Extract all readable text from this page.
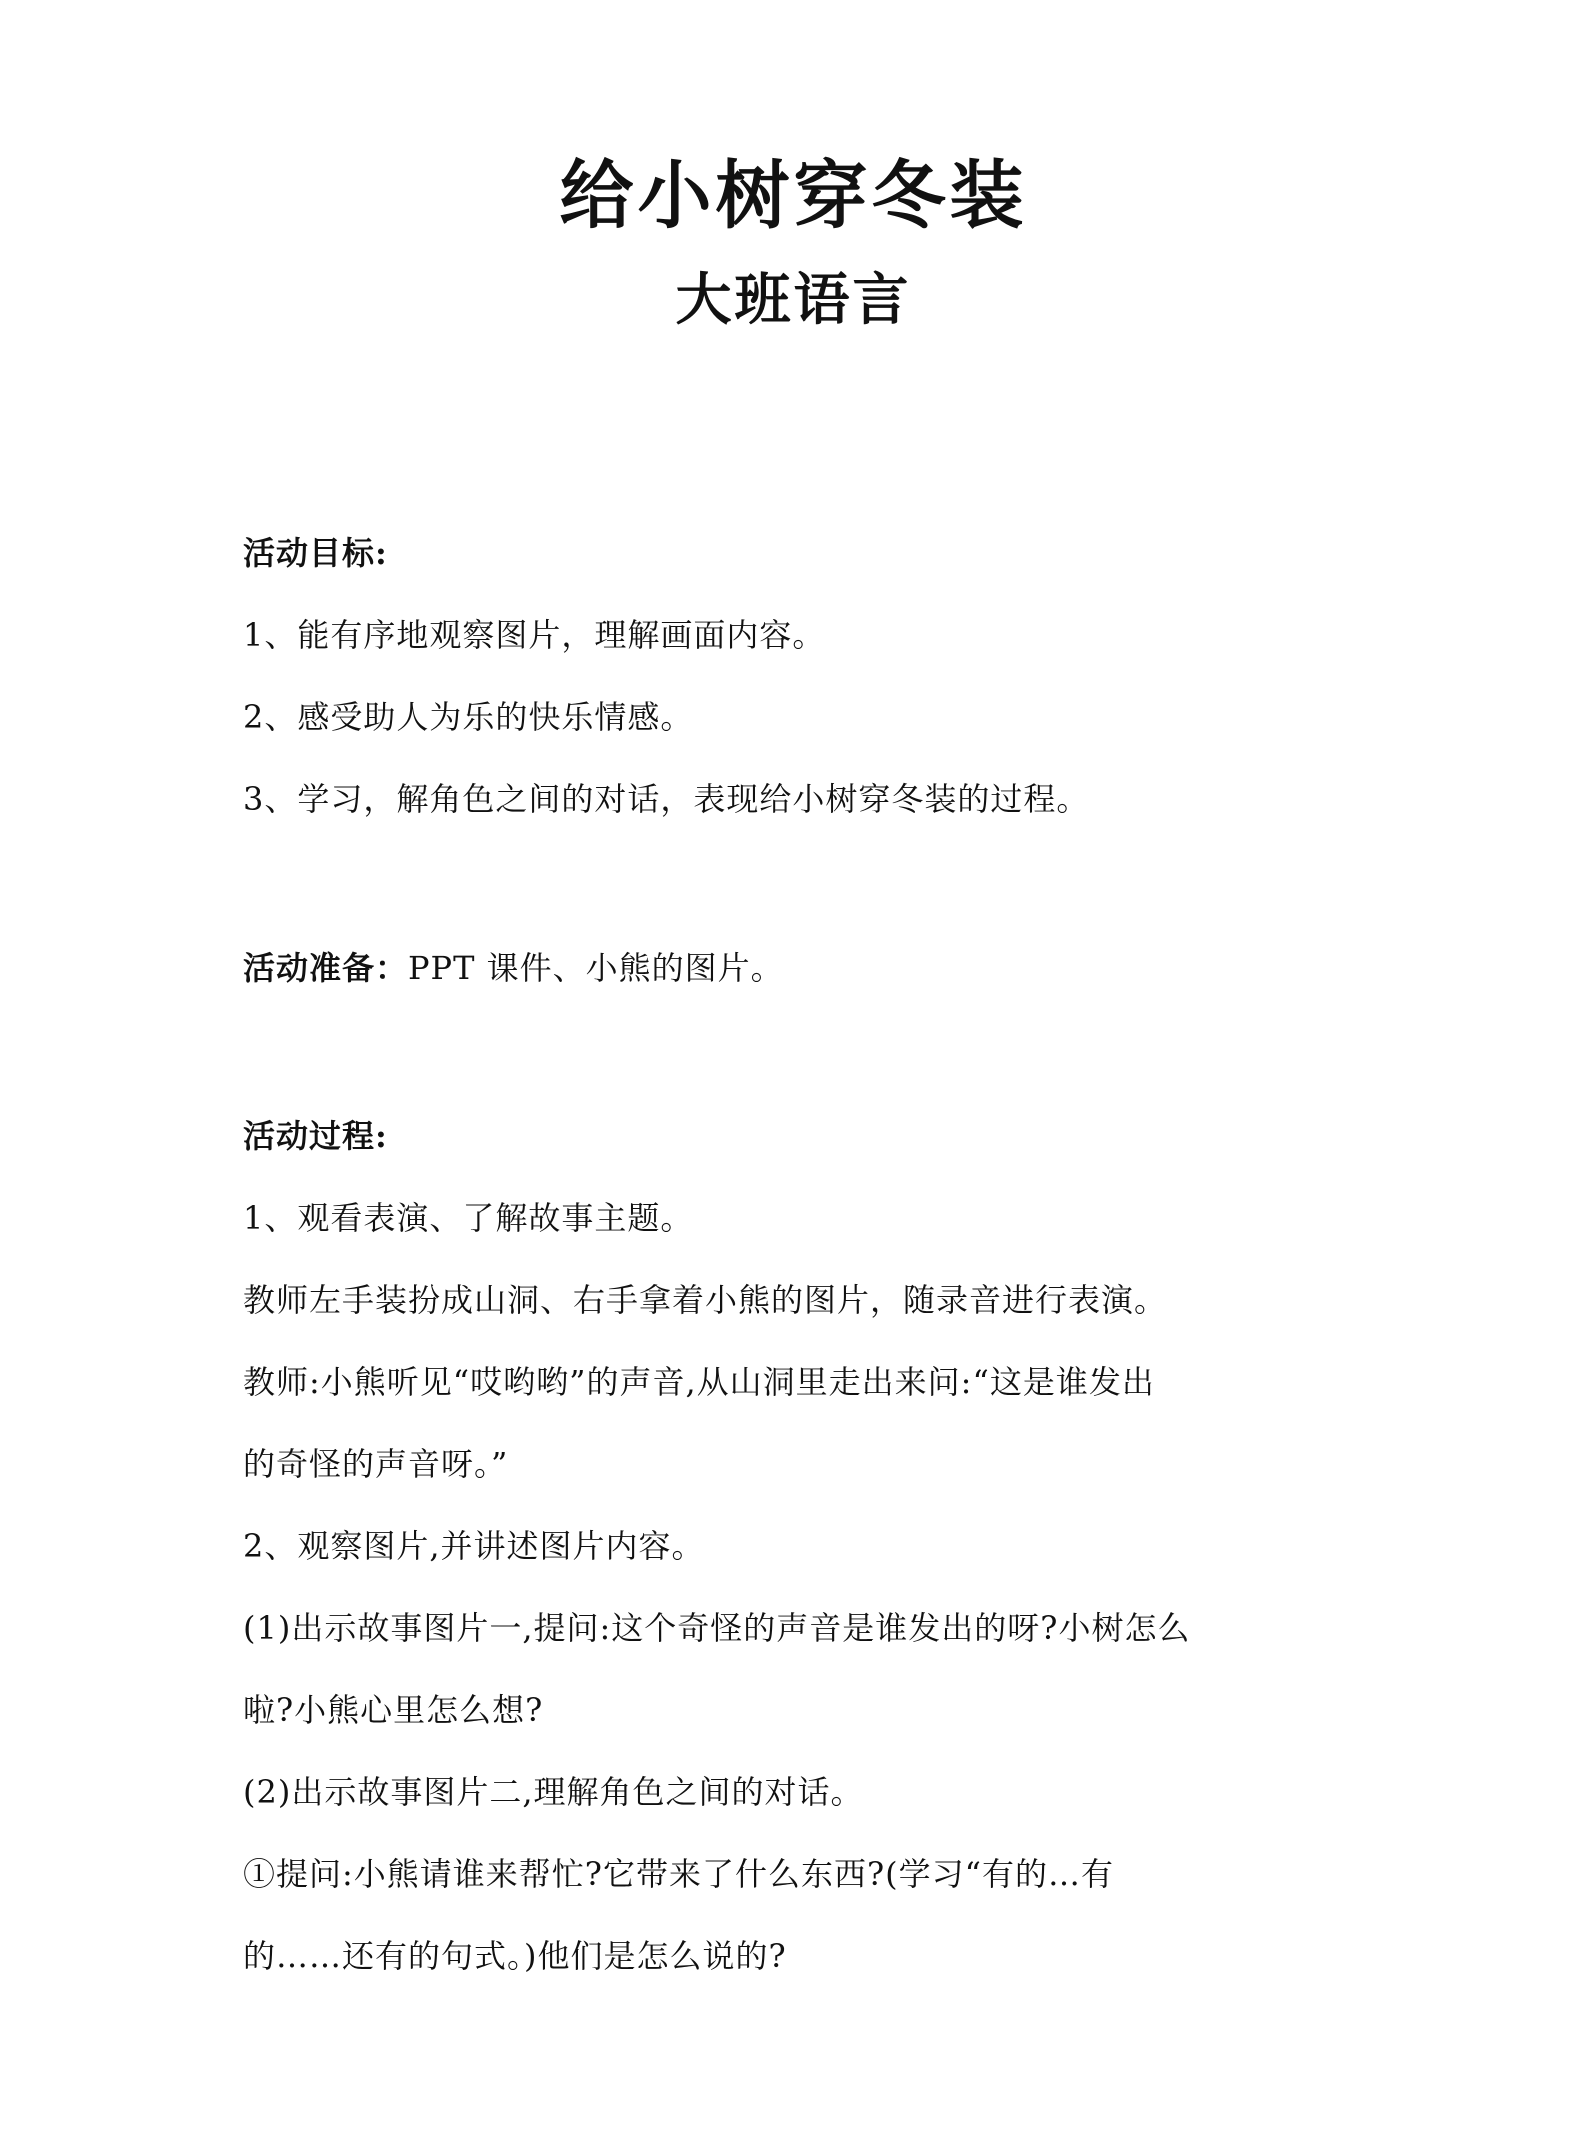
给小树穿冬装
大班语言
活动目标:
1、能有序地观察图片，理解画面内容。
2、感受助人为乐的快乐情感。
3、学习，解角色之间的对话，表现给小树穿冬装的过程。
活动准备：PPT 课件、小熊的图片。
活动过程:
1、观看表演、了解故事主题。
教师左手装扮成山洞、右手拿着小熊的图片，随录音进行表演。
教师:小熊听见“哎哟哟”的声音,从山洞里走出来问:“这是谁发出
的奇怪的声音呀。”
2、观察图片,并讲述图片内容。
(1)出示故事图片一,提问:这个奇怪的声音是谁发出的呀?小树怎么
啦?小熊心里怎么想?
(2)出示故事图片二,理解角色之间的对话。
①提问:小熊请谁来帮忙?它带来了什么东西?(学习“有的…有
的……还有的句式。)他们是怎么说的?
